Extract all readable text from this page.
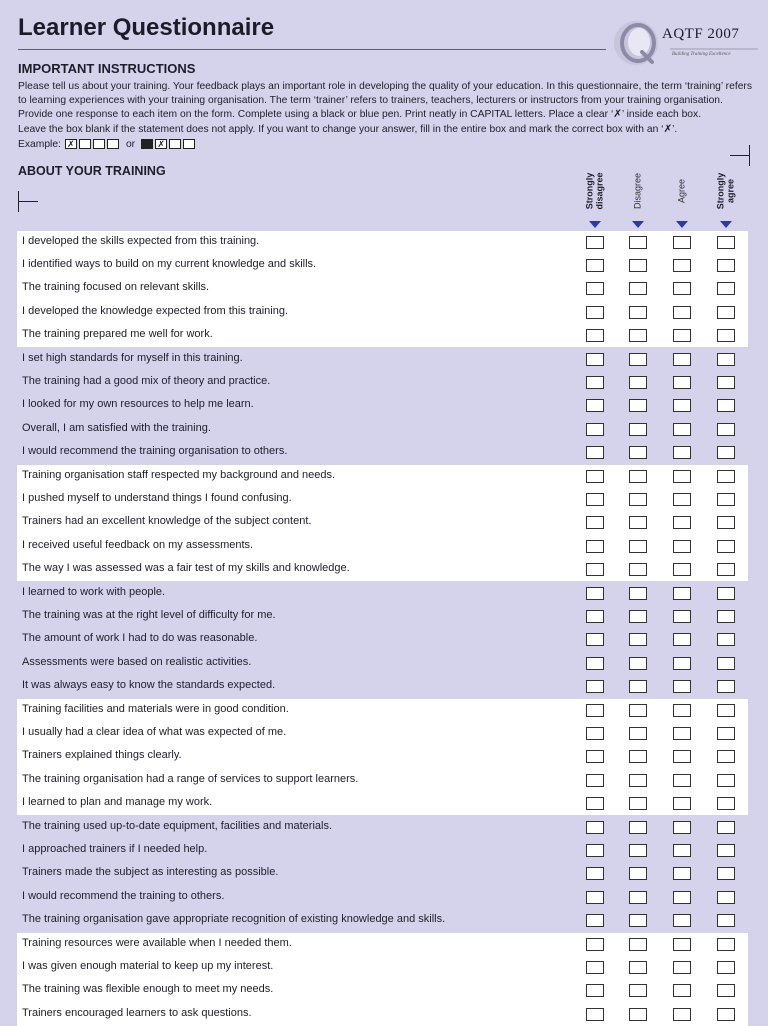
Learner Questionnaire	AQTF 2007
Building Training Excellence
IMPORTANT INSTRUCTIONS

Please tell us about your training. Your feedback plays an important role in developing the quality of your education. In this questionnaire, the term ‘training’ refers

to learning experiences with your training organisation. The term ‘trainer’ refers to trainers, teachers, lecturers or instructors from your training organisation.

Provide one response to each item on the form. Complete using a black or blue pen. Print neatly in CAPITAL letters. Place a clear ‘✗’ inside each box.

Leave the box blank if the statement does not apply. If you want to change your answer, fill in the entire box and mark the correct box with an ‘✗’.

Example: ✗	or ✗
ABOUT YOUR TRAINING
Strongly disagree	Disagree	Agree	Strongly agree
I developed the skills expected from this training.
I identified ways to build on my current knowledge and skills.
The training focused on relevant skills.
I developed the knowledge expected from this training.
The training prepared me well for work.
I set high standards for myself in this training.
The training had a good mix of theory and practice.
I looked for my own resources to help me learn.
Overall, I am satisfied with the training.
I would recommend the training organisation to others.
Training organisation staff respected my background and needs.
I pushed myself to understand things I found confusing.
Trainers had an excellent knowledge of the subject content.
I received useful feedback on my assessments.
The way I was assessed was a fair test of my skills and knowledge.
I learned to work with people.
The training was at the right level of difficulty for me.
The amount of work I had to do was reasonable.
Assessments were based on realistic activities.
It was always easy to know the standards expected.
Training facilities and materials were in good condition.
I usually had a clear idea of what was expected of me.
Trainers explained things clearly.
The training organisation had a range of services to support learners.
I learned to plan and manage my work.
The training used up-to-date equipment, facilities and materials.
I approached trainers if I needed help.
Trainers made the subject as interesting as possible.
I would recommend the training to others.
The training organisation gave appropriate recognition of existing knowledge and skills.
Training resources were available when I needed them.
I was given enough material to keep up my interest.
The training was flexible enough to meet my needs.
Trainers encouraged learners to ask questions.
